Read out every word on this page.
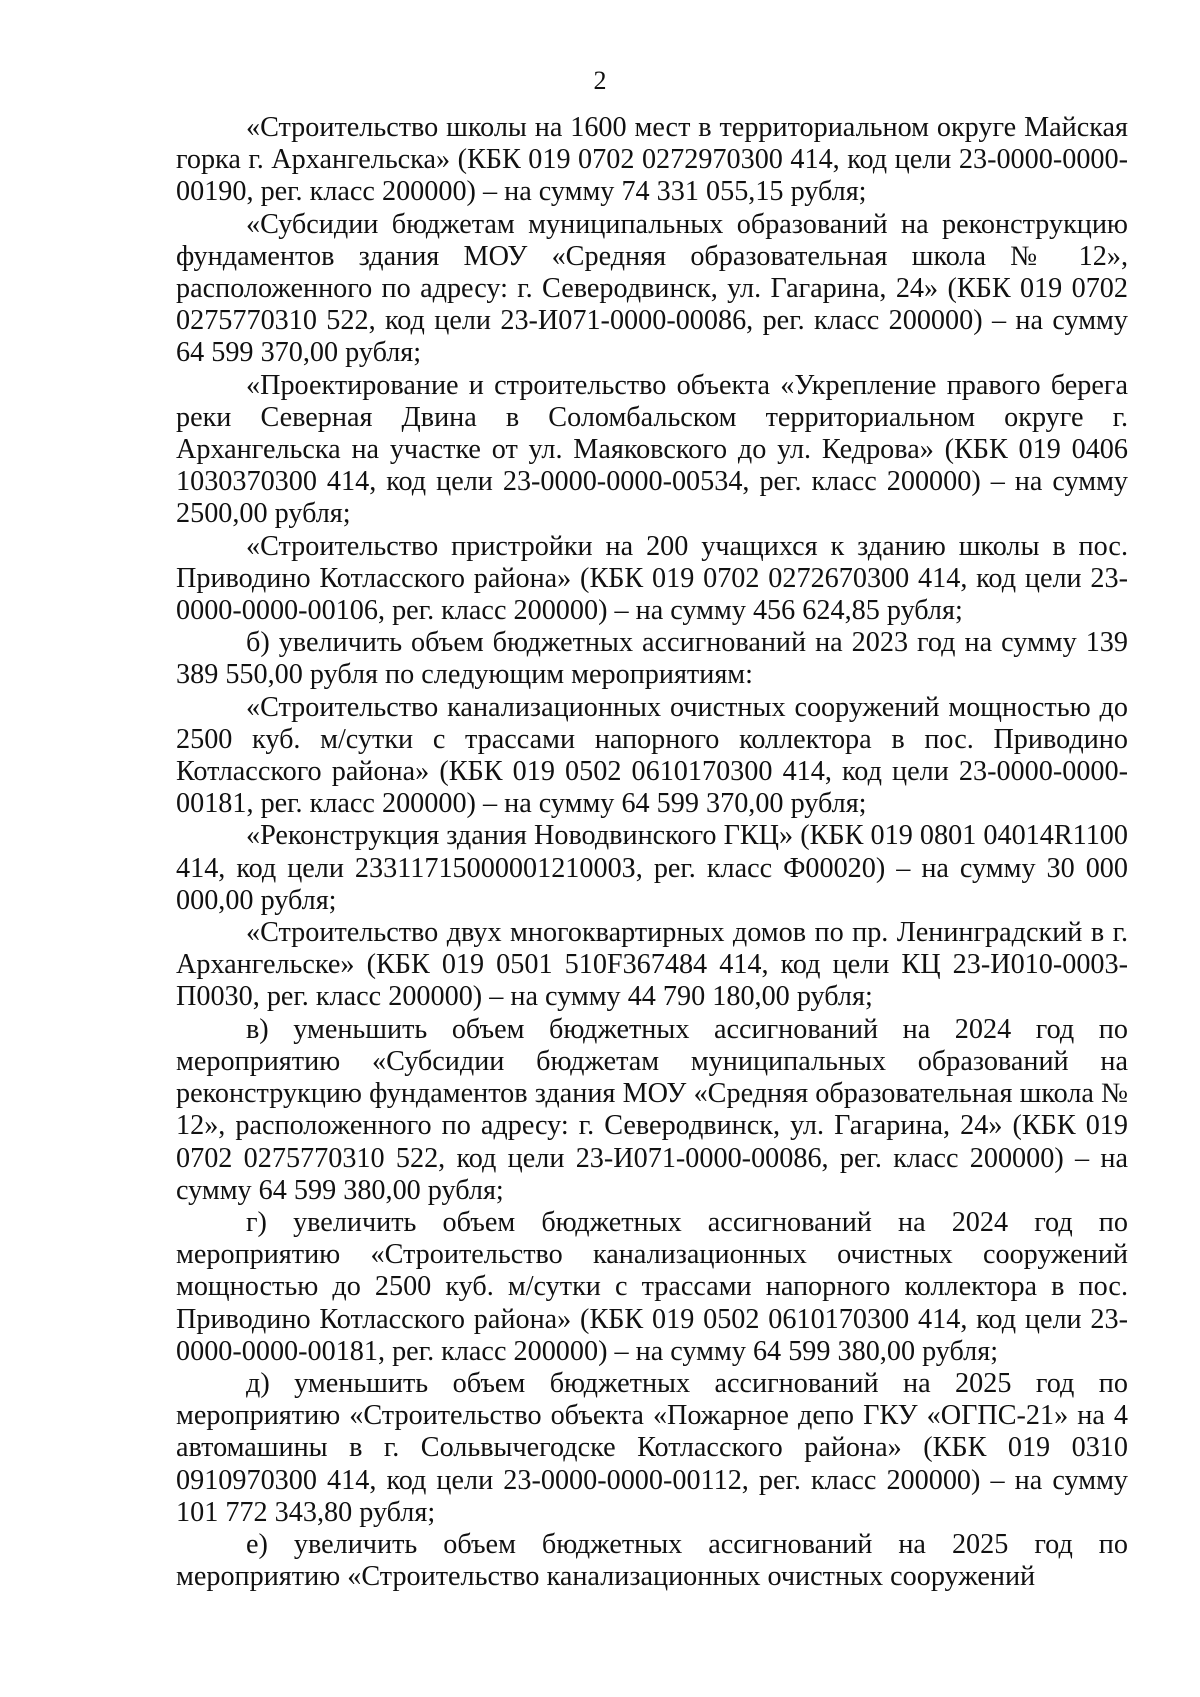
2

«Строительство школы на 1600 мест в территориальном округе Майская горка г. Архангельска» (КБК 019 0702 0272970300 414, код цели 23-0000-0000-00190, рег. класс 200000) – на сумму 74 331 055,15 рубля;

«Субсидии бюджетам муниципальных образований на реконструкцию фундаментов здания МОУ «Средняя образовательная школа № 12», расположенного по адресу: г. Северодвинск, ул. Гагарина, 24» (КБК 019 0702 0275770310 522, код цели 23-И071-0000-00086, рег. класс 200000) – на сумму 64 599 370,00 рубля;

«Проектирование и строительство объекта «Укрепление правого берега реки Северная Двина в Соломбальском территориальном округе г. Архангельска на участке от ул. Маяковского до ул. Кедрова» (КБК 019 0406 1030370300 414, код цели 23-0000-0000-00534, рег. класс 200000) – на сумму 2500,00 рубля;

«Строительство пристройки на 200 учащихся к зданию школы в пос. Приводино Котласского района» (КБК 019 0702 0272670300 414, код цели 23-0000-0000-00106, рег. класс 200000) – на сумму 456 624,85 рубля;

б) увеличить объем бюджетных ассигнований на 2023 год на сумму 139 389 550,00 рубля по следующим мероприятиям:

«Строительство канализационных очистных сооружений мощностью до 2500 куб. м/сутки с трассами напорного коллектора в пос. Приводино Котласского района» (КБК 019 0502 0610170300 414, код цели 23-0000-0000-00181, рег. класс 200000) – на сумму 64 599 370,00 рубля;

«Реконструкция здания Новодвинского ГКЦ» (КБК 019 0801 04014R1100 414, код цели 2331171500000121000З, рег. класс Ф00020) – на сумму 30 000 000,00 рубля;

«Строительство двух многоквартирных домов по пр. Ленинградский в г. Архангельске» (КБК 019 0501 510F367484 414, код цели КЦ 23-И010-0003-П0030, рег. класс 200000) – на сумму 44 790 180,00 рубля;

в) уменьшить объем бюджетных ассигнований на 2024 год по мероприятию «Субсидии бюджетам муниципальных образований на реконструкцию фундаментов здания МОУ «Средняя образовательная школа № 12», расположенного по адресу: г. Северодвинск, ул. Гагарина, 24» (КБК 019 0702 0275770310 522, код цели 23-И071-0000-00086, рег. класс 200000) – на сумму 64 599 380,00 рубля;

г) увеличить объем бюджетных ассигнований на 2024 год по мероприятию «Строительство канализационных очистных сооружений мощностью до 2500 куб. м/сутки с трассами напорного коллектора в пос. Приводино Котласского района» (КБК 019 0502 0610170300 414, код цели 23-0000-0000-00181, рег. класс 200000) – на сумму 64 599 380,00 рубля;

д) уменьшить объем бюджетных ассигнований на 2025 год по мероприятию «Строительство объекта «Пожарное депо ГКУ «ОГПС-21» на 4 автомашины в г. Сольвычегодске Котласского района» (КБК 019 0310 0910970300 414, код цели 23-0000-0000-00112, рег. класс 200000) – на сумму 101 772 343,80 рубля;

е) увеличить объем бюджетных ассигнований на 2025 год по мероприятию «Строительство канализационных очистных сооружений
